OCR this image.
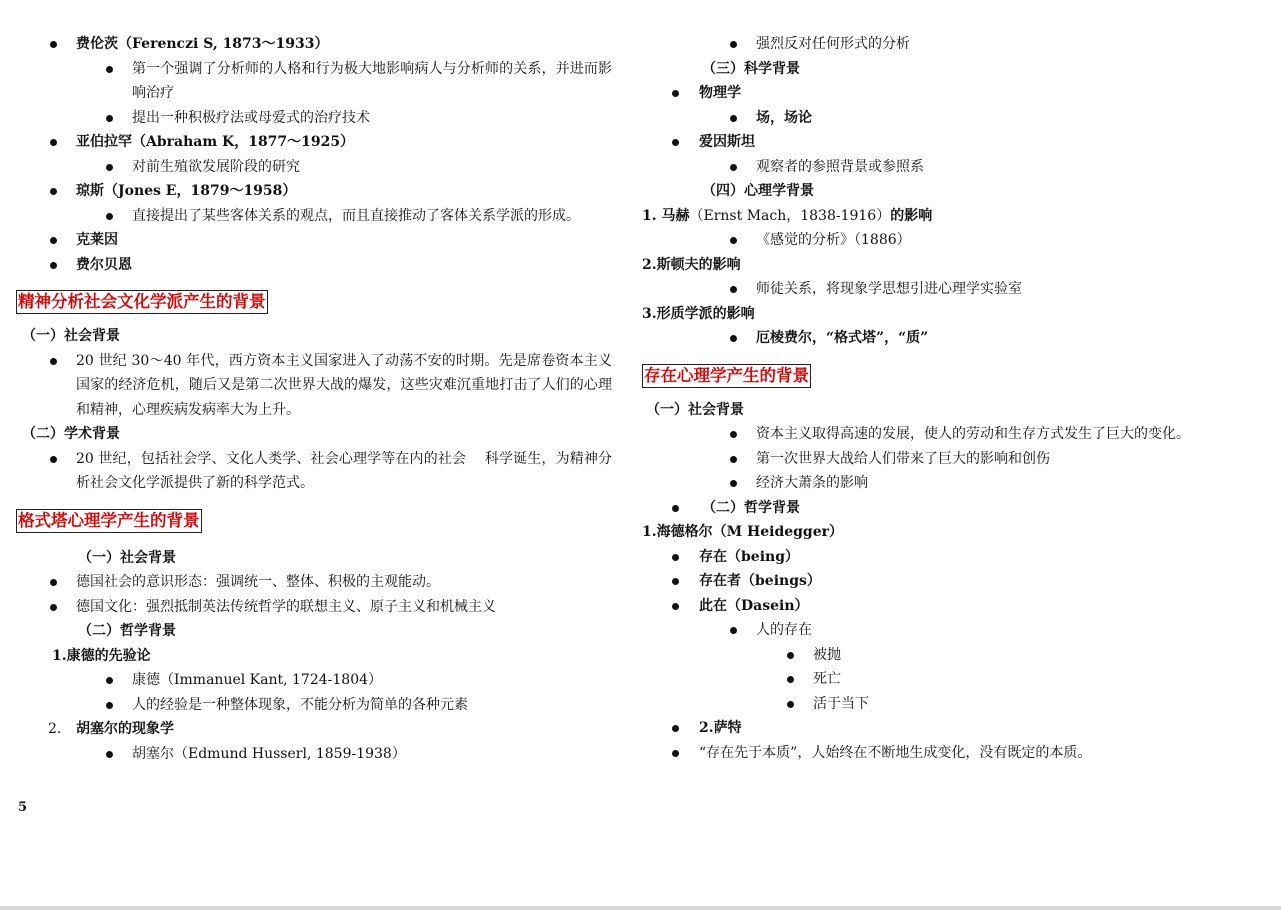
费伦茨（Ferenczi S, 1873～1933）
第一个强调了分析师的人格和行为极大地影响病人与分析师的关系，并进而影响治疗
提出一种积极疗法或母爱式的治疗技术
亚伯拉罕（Abraham K，1877～1925）
对前生殖欲发展阶段的研究
琼斯（Jones E，1879～1958）
直接提出了某些客体关系的观点，而且直接推动了客体关系学派的形成。
克莱因
费尔贝恩
精神分析社会文化学派产生的背景
（一）社会背景
20 世纪 30～40 年代，西方资本主义国家进入了动荡不安的时期。先是席卷资本主义国家的经济危机，随后又是第二次世界大战的爆发，这些灾难沉重地打击了人们的心理和精神，心理疾病发病率大为上升。
（二）学术背景
20 世纪，包括社会学、文化人类学、社会心理学等在内的社会　 科学诞生，为精神分析社会文化学派提供了新的科学范式。
格式塔心理学产生的背景
（一）社会背景
德国社会的意识形态：强调统一、整体、积极的主观能动。
德国文化：强烈抵制英法传统哲学的联想主义、原子主义和机械主义
（二）哲学背景
1.康德的先验论
康德（Immanuel Kant, 1724-1804）
人的经验是一种整体现象，不能分析为简单的各种元素
2. 胡塞尔的现象学
胡塞尔（Edmund Husserl, 1859-1938）
强烈反对任何形式的分析
（三）科学背景
物理学
场，场论
爱因斯坦
观察者的参照背景或参照系
（四）心理学背景
1. 马赫（Ernst Mach，1838-1916）的影响
《感觉的分析》（1886）
2.斯顿夫的影响
师徒关系，将现象学思想引进心理学实验室
3.形质学派的影响
厄棱费尔，“格式塔”，“质”
存在心理学产生的背景
（一）社会背景
资本主义取得高速的发展，使人的劳动和生存方式发生了巨大的变化。
第一次世界大战给人们带来了巨大的影响和创伤
经济大萧条的影响
（二）哲学背景
1.海德格尔（M Heidegger）
存在（being）
存在者（beings）
此在（Dasein）
人的存在
被抛
死亡
活于当下
2.萨特
“存在先于本质”，人始终在不断地生成变化，没有既定的本质。
5
